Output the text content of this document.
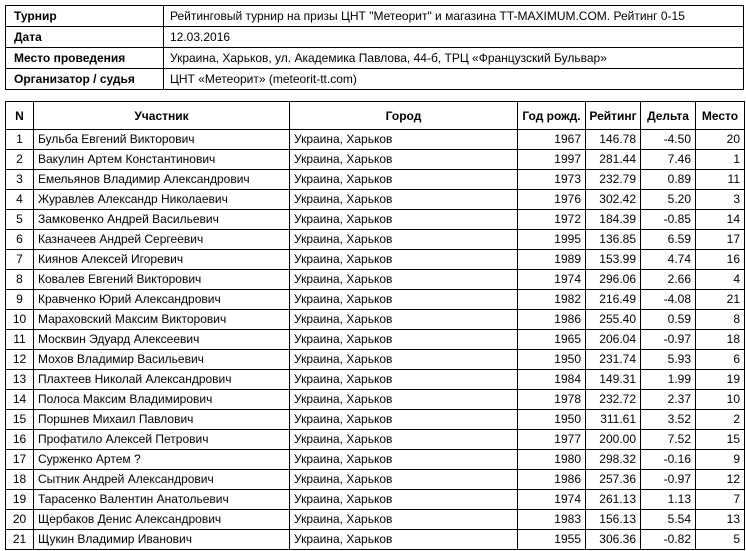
Турнир	Рейтинговый турнир на призы ЦНТ "Метеорит" и магазина TT-MAXIMUM.COM. Рейтинг 0-15
Дата	12.03.2016
Место проведения	Украина, Харьков, ул. Академика Павлова, 44-б, ТРЦ «Французский Бульвар»
Организатор / судья	ЦНТ «Метеорит» (meteorit-tt.com)
N	Участник	Город	Год рожд.	Рейтинг	Дельта	Место
1	Бульба Евгений Викторович	Украина, Харьков	1967	146.78	-4.50	20
2	Вакулин Артем Константинович	Украина, Харьков	1997	281.44	7.46	1
3	Емельянов Владимир Александрович	Украина, Харьков	1973	232.79	0.89	11
4	Журавлев Александр Николаевич	Украина, Харьков	1976	302.42	5.20	3
5	Замковенко Андрей Васильевич	Украина, Харьков	1972	184.39	-0.85	14
6	Казначеев Андрей Сергеевич	Украина, Харьков	1995	136.85	6.59	17
7	Киянов Алексей Игоревич	Украина, Харьков	1989	153.99	4.74	16
8	Ковалев Евгений Викторович	Украина, Харьков	1974	296.06	2.66	4
9	Кравченко Юрий Александрович	Украина, Харьков	1982	216.49	-4.08	21
10	Мараховский Максим Викторович	Украина, Харьков	1986	255.40	0.59	8
11	Москвин Эдуард Алексеевич	Украина, Харьков	1965	206.04	-0.97	18
12	Мохов Владимир Васильевич	Украина, Харьков	1950	231.74	5.93	6
13	Плахтеев Николай Александрович	Украина, Харьков	1984	149.31	1.99	19
14	Полоса Максим Владимирович	Украина, Харьков	1978	232.72	2.37	10
15	Поршнев Михаил Павлович	Украина, Харьков	1950	311.61	3.52	2
16	Профатило Алексей Петрович	Украина, Харьков	1977	200.00	7.52	15
17	Сурженко Артем ?	Украина, Харьков	1980	298.32	-0.16	9
18	Сытник Андрей Александрович	Украина, Харьков	1986	257.36	-0.97	12
19	Тарасенко Валентин Анатольевич	Украина, Харьков	1974	261.13	1.13	7
20	Щербаков Денис Александрович	Украина, Харьков	1983	156.13	5.54	13
21	Щукин Владимир Иванович	Украина, Харьков	1955	306.36	-0.82	5
